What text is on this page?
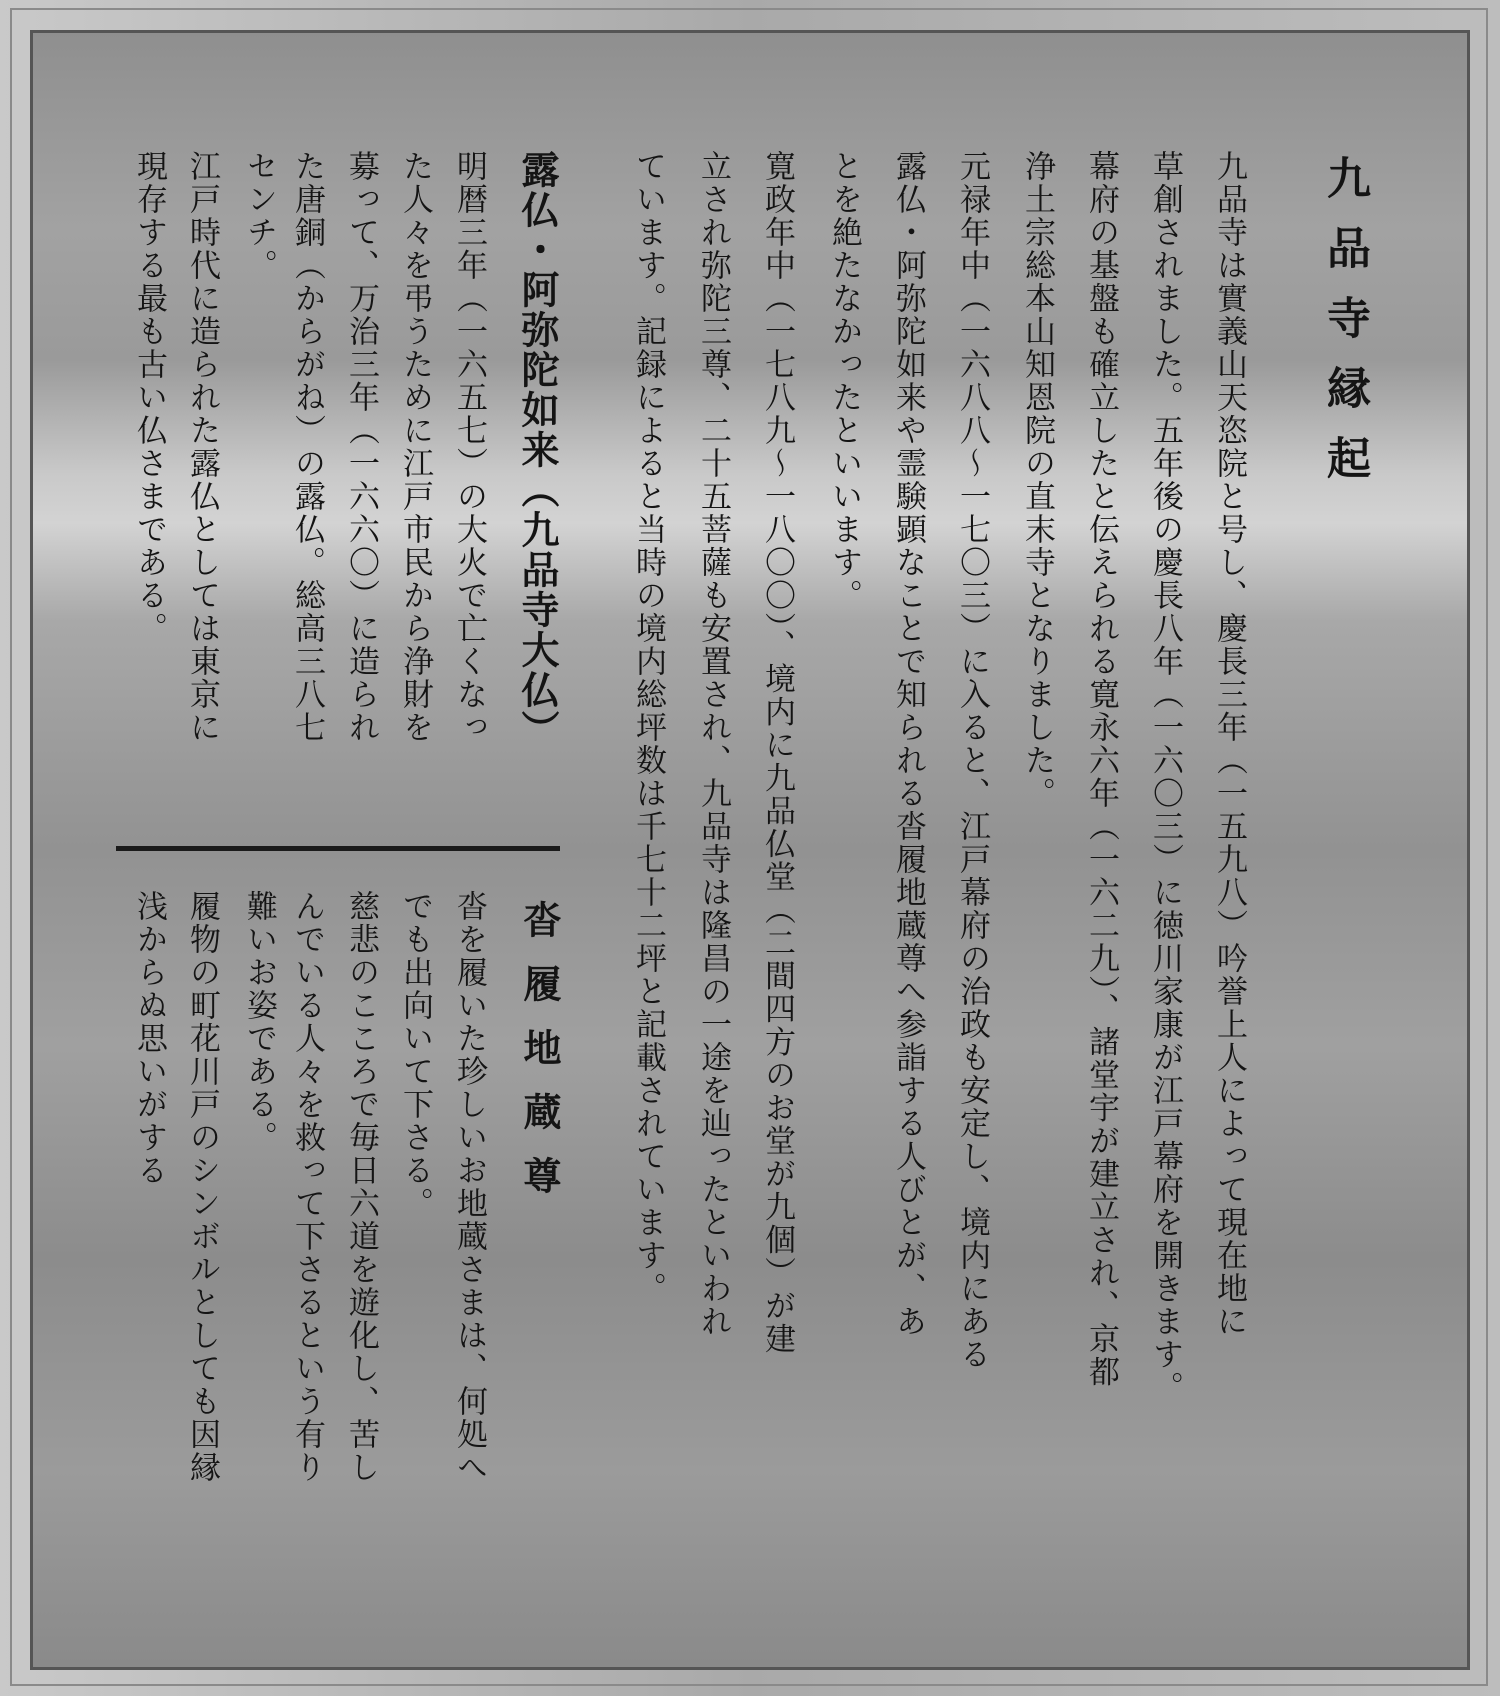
九品寺縁起
九品寺は實義山天恣院と号し、慶長三年（一五九八）吟誉上人によって現在地に
草創されました。五年後の慶長八年（一六〇三）に徳川家康が江戸幕府を開きます。
幕府の基盤も確立したと伝えられる寛永六年（一六二九）、諸堂宇が建立され、京都
浄土宗総本山知恩院の直末寺となりました。
元禄年中（一六八八～一七〇三）に入ると、江戸幕府の治政も安定し、境内にある
露仏・阿弥陀如来や霊験顕なことで知られる沓履地蔵尊へ参詣する人びとが、あ
とを絶たなかったといいます。
寛政年中（一七八九～一八〇〇）、境内に九品仏堂（二間四方のお堂が九個）が建
立され弥陀三尊、二十五菩薩も安置され、九品寺は隆昌の一途を辿ったといわれ
ています。記録によると当時の境内総坪数は千七十二坪と記載されています。
露仏・阿弥陀如来（九品寺大仏）
明暦三年（一六五七）の大火で亡くなっ
た人々を弔うために江戸市民から浄財を
募って、万治三年（一六六〇）に造られ
た唐銅（からがね）の露仏。総高三八七
センチ。
江戸時代に造られた露仏としては東京に
現存する最も古い仏さまである。
沓履地蔵尊
沓を履いた珍しいお地蔵さまは、何処へ
でも出向いて下さる。
慈悲のこころで毎日六道を遊化し、苦し
んでいる人々を救って下さるという有り
難いお姿である。
履物の町花川戸のシンボルとしても因縁
浅からぬ思いがする
